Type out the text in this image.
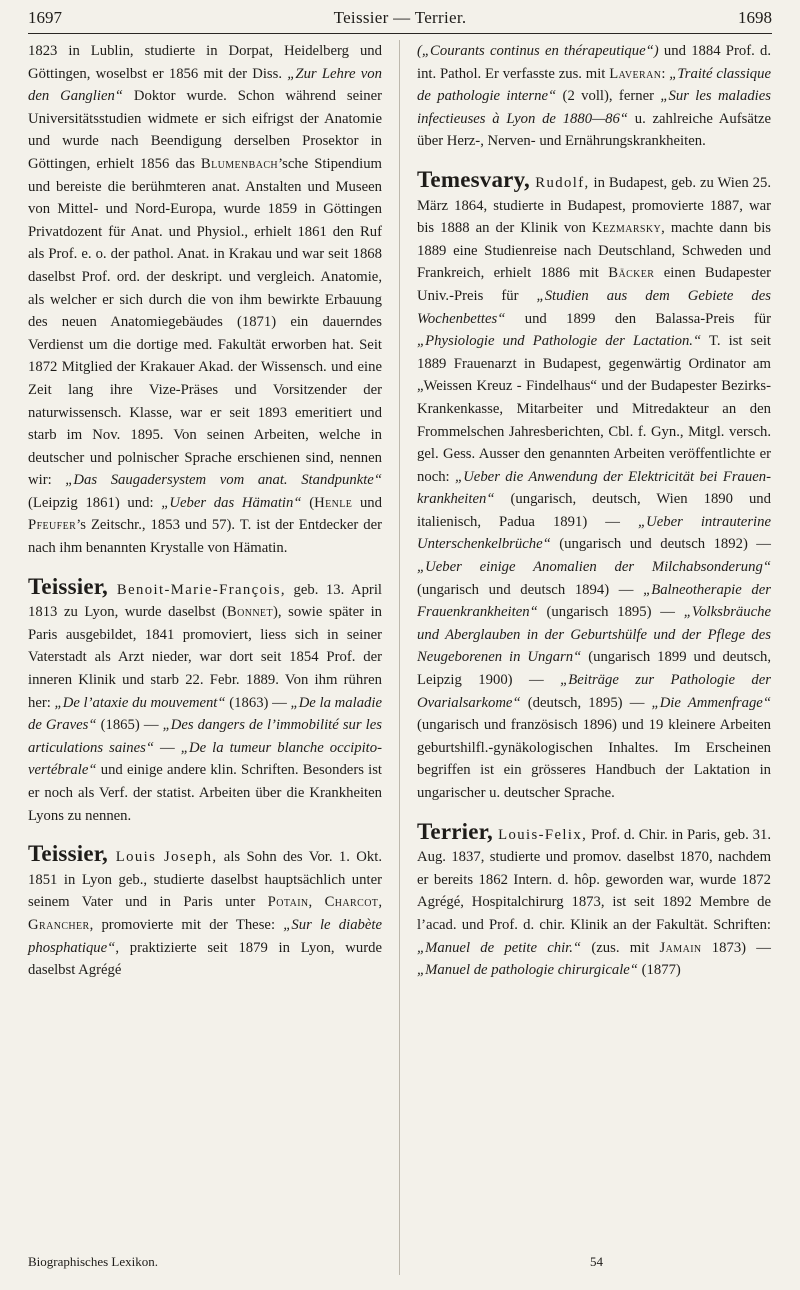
1697	Teissier — Terrier.	1698

1823 in Lublin, studierte in Dorpat, Heidelberg und Göttingen, woselbst er 1856 mit der Diss. „Zur Lehre von den Ganglien“ Doktor wurde. Schon während seiner Universitätsstudien widmete er sich eifrigst der Anatomie und wurde nach Beendigung derselben Prosektor in Göttingen, erhielt 1856 das Blumenbach’sche Stipendium und bereiste die berühmteren anat. Anstalten und Museen von Mittel- und Nord-Europa, wurde 1859 in Göttingen Privatdozent für Anat. und Physiol., erhielt 1861 den Ruf als Prof. e. o. der pathol. Anat. in Krakau und war seit 1868 daselbst Prof. ord. der deskript. und vergleich. Anatomie, als welcher er sich durch die von ihm bewirkte Erbauung des neuen Anatomiegebäudes (1871) ein dauerndes Verdienst um die dortige med. Fakultät erworben hat. Seit 1872 Mitglied der Krakauer Akad. der Wissensch. und eine Zeit lang ihre Vize-Präses und Vorsitzender der naturwissensch. Klasse, war er seit 1893 emeritiert und starb im Nov. 1895. Von seinen Arbeiten, welche in deutscher und polnischer Sprache erschienen sind, nennen wir: „Das Saugadersystem vom anat. Standpunkte“ (Leipzig 1861) und: „Ueber das Hämatin“ (Henle und Pfeufer’s Zeitschr., 1853 und 57). T. ist der Entdecker der nach ihm benannten Krystalle von Hämatin.

Teissier, Benoit-Marie-François, geb. 13. April 1813 zu Lyon, wurde daselbst (Bonnet), sowie später in Paris ausgebildet, 1841 promoviert, liess sich in seiner Vaterstadt als Arzt nieder, war dort seit 1854 Prof. der inneren Klinik und starb 22. Febr. 1889. Von ihm rühren her: „De l’ataxie du mouvement“ (1863) — „De la maladie de Graves“ (1865) — „Des dangers de l’immobilité sur les articulations saines“ — „De la tumeur blanche occipito-vertébrale“ und einige andere klin. Schriften. Besonders ist er noch als Verf. der statist. Arbeiten über die Krankheiten Lyons zu nennen.

Teissier, Louis Joseph, als Sohn des Vor. 1. Okt. 1851 in Lyon geb., studierte daselbst hauptsächlich unter seinem Vater und in Paris unter Potain, Charcot, Grancher, promovierte mit der These: „Sur le diabète phosphatique“, praktizierte seit 1879 in Lyon, wurde daselbst Agrégé

(„Courants continus en thérapeutique“) und 1884 Prof. d. int. Pathol. Er verfasste zus. mit Laveran: „Traité classique de pathologie interne“ (2 voll), ferner „Sur les maladies infectieuses à Lyon de 1880—86“ u. zahlreiche Aufsätze über Herz-, Nerven- und Ernährungskrankheiten.

Temesvary, Rudolf, in Budapest, geb. zu Wien 25. März 1864, studierte in Budapest, promovierte 1887, war bis 1888 an der Klinik von Kezmarsky, machte dann bis 1889 eine Studienreise nach Deutschland, Schweden und Frankreich, erhielt 1886 mit Bäcker einen Budapester Univ.-Preis für „Studien aus dem Gebiete des Wochenbettes“ und 1899 den Balassa-Preis für „Physiologie und Pathologie der Lactation.“ T. ist seit 1889 Frauenarzt in Budapest, gegenwärtig Ordinator am „Weissen Kreuz - Findelhaus“ und der Budapester Bezirks-Krankenkasse, Mitarbeiter und Mitredakteur an den Frommelschen Jahresberichten, Cbl. f. Gyn., Mitgl. versch. gel. Gess. Ausser den genannten Arbeiten veröffentlichte er noch: „Ueber die Anwendung der Elektricität bei Frauenkrankheiten“ (ungarisch, deutsch, Wien 1890 und italienisch, Padua 1891) — „Ueber intrauterine Unterschenkelbrüche“ (ungarisch und deutsch 1892) — „Ueber einige Anomalien der Milchabsonderung“ (ungarisch und deutsch 1894) — „Balneotherapie der Frauenkrankheiten“ (ungarisch 1895) — „Volksbräuche und Aberglauben in der Geburtshülfe und der Pflege des Neugeborenen in Ungarn“ (ungarisch 1899 und deutsch, Leipzig 1900) — „Beiträge zur Pathologie der Ovarialsarkome“ (deutsch, 1895) — „Die Ammenfrage“ (ungarisch und französisch 1896) und 19 kleinere Arbeiten geburtshilfl.-gynäkologischen Inhaltes. Im Erscheinen begriffen ist ein grösseres Handbuch der Laktation in ungarischer u. deutscher Sprache.

Terrier, Louis-Felix, Prof. d. Chir. in Paris, geb. 31. Aug. 1837, studierte und promov. daselbst 1870, nachdem er bereits 1862 Intern. d. hôp. geworden war, wurde 1872 Agrégé, Hospitalchirurg 1873, ist seit 1892 Membre de l’acad. und Prof. d. chir. Klinik an der Fakultät. Schriften: „Manuel de petite chir.“ (zus. mit Jamain 1873) — „Manuel de pathologie chirurgicale“ (1877)

Biographisches Lexikon.	54
